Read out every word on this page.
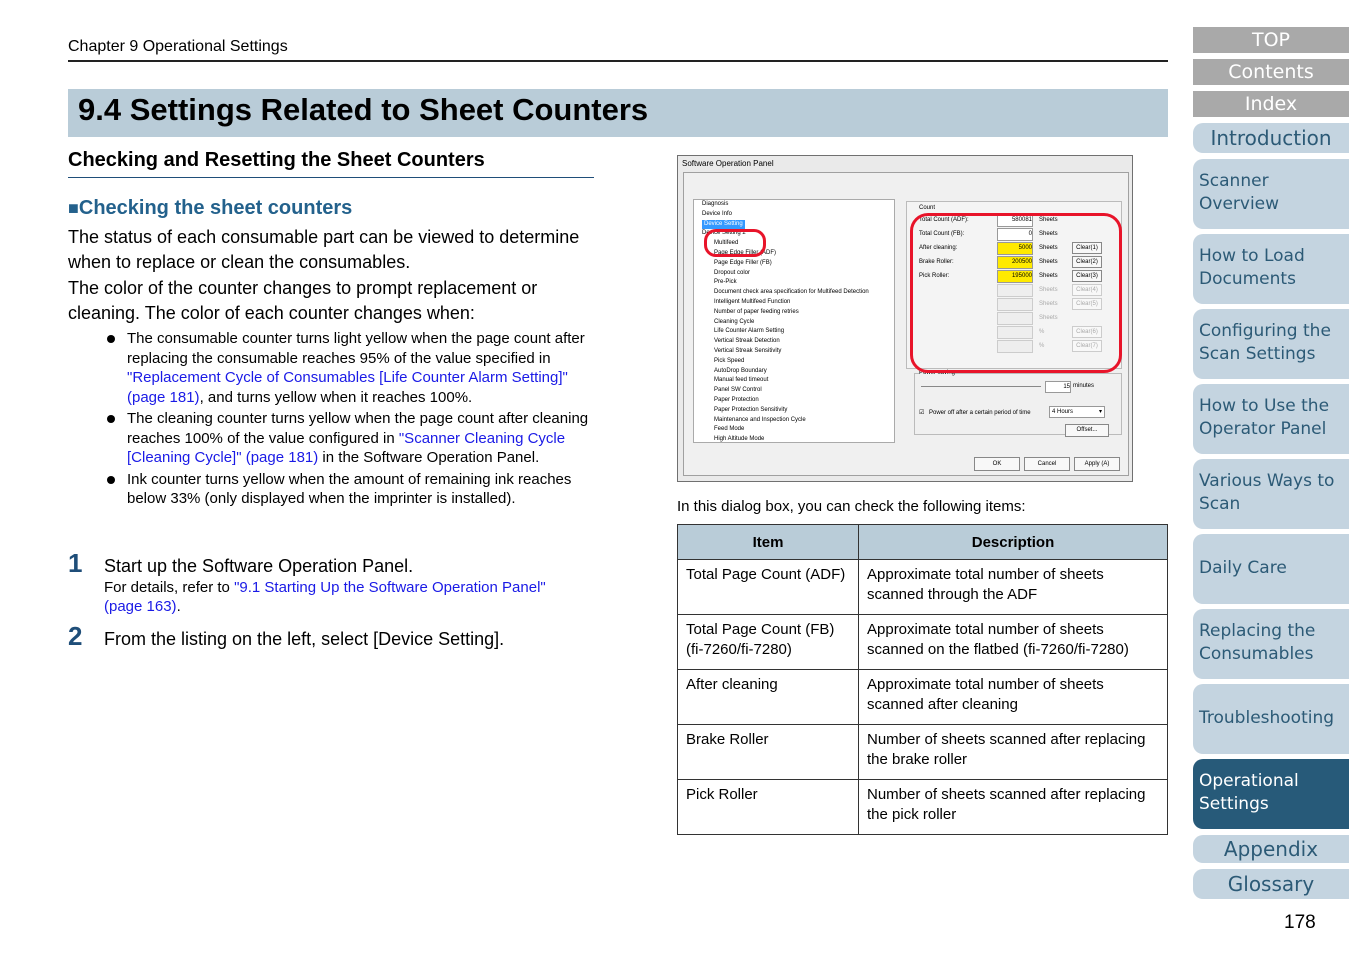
Chapter 9 Operational Settings
9.4 Settings Related to Sheet Counters
Checking and Resetting the Sheet Counters
■Checking the sheet counters
The status of each consumable part can be viewed to determine when to replace or clean the consumables.
The color of the counter changes to prompt replacement or cleaning. The color of each counter changes when:
The consumable counter turns light yellow when the page count after replacing the consumable reaches 95% of the value specified in "Replacement Cycle of Consumables [Life Counter Alarm Setting]" (page 181), and turns yellow when it reaches 100%.
The cleaning counter turns yellow when the page count after cleaning reaches 100% of the value configured in "Scanner Cleaning Cycle [Cleaning Cycle]" (page 181) in the Software Operation Panel.
Ink counter turns yellow when the amount of remaining ink reaches below 33% (only displayed when the imprinter is installed).
1 Start up the Software Operation Panel.
For details, refer to "9.1 Starting Up the Software Operation Panel" (page 163).
2 From the listing on the left, select [Device Setting].
Software Operation Panel
Diagnosis
Device Info
Device Setting

Device Setting 2
Multifeed
Page Edge Filler (ADF)
Page Edge Filler (FB)
Dropout color
Pre-Pick
Document check area specification for Multifeed Detection
Intelligent Multifeed Function
Number of paper feeding retries
Cleaning Cycle
Life Counter Alarm Setting
Vertical Streak Detection
Vertical Streak Sensitivity
Pick Speed
AutoDrop Boundary
Manual feed timeout
Panel SW Control
Paper Protection
Paper Protection Sensitivity
Maintenance and Inspection Cycle
Feed Mode
High Altitude Mode
Count
Total Count (ADF):	580081 Sheets
Total Count (FB):	0 Sheets
After cleaning:	5000 Sheets	Clear(1)
Brake Roller:	200500 Sheets	Clear(2)
Pick Roller:	195000 Sheets	Clear(3)
Sheets	Clear(4)
Sheets	Clear(5)
Sheets
%	Clear(6)
%	Clear(7)
Power saving
15 minutes
☑ Power off after a certain period of time	4 Hours	▾
Offset...
OK	Cancel	Apply (A)
In this dialog box, you can check the following items:
Item	Description
Total Page Count (ADF)	Approximate total number of sheets scanned through the ADF
Total Page Count (FB) (fi-7260/fi-7280)	Approximate total number of sheets scanned on the flatbed (fi-7260/fi-7280)
After cleaning	Approximate total number of sheets scanned after cleaning
Brake Roller	Number of sheets scanned after replacing the brake roller
Pick Roller	Number of sheets scanned after replacing the pick roller
TOP
Contents
Index
Introduction
Scanner Overview
How to Load Documents
Configuring the Scan Settings
How to Use the Operator Panel
Various Ways to Scan
Daily Care
Replacing the Consumables
Troubleshooting
Operational Settings
Appendix
Glossary
178
